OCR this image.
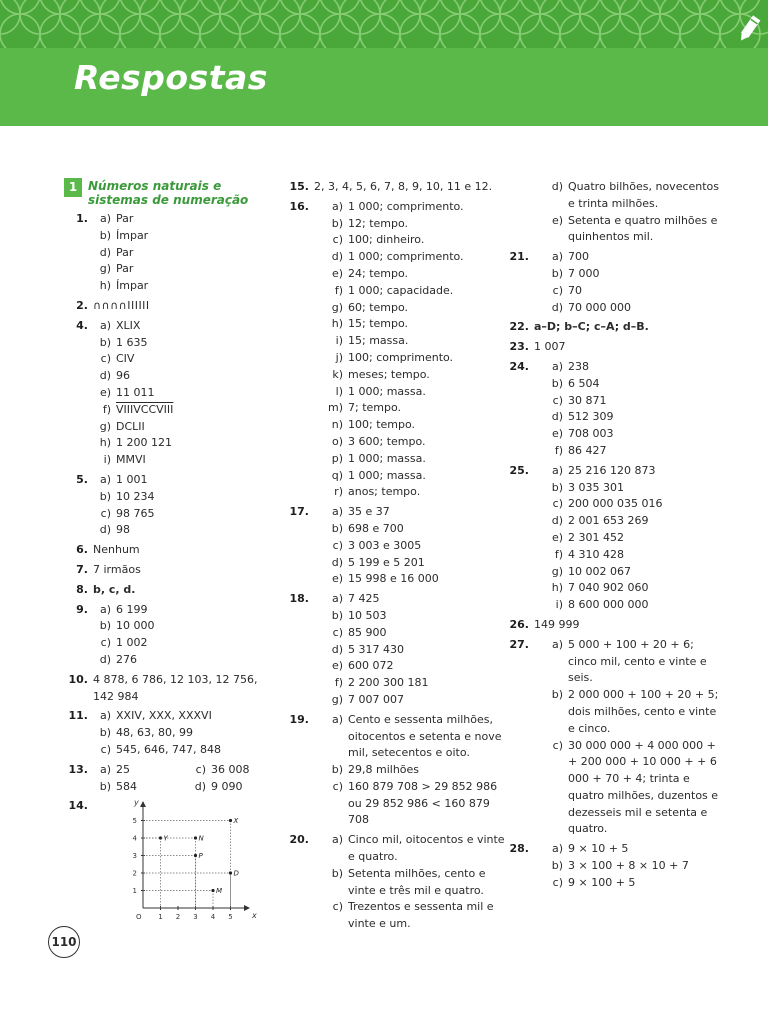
Respostas
1 Números naturais e sistemas de numeração
1.	a) Par
b) Ímpar
d) Par
g) Par
h) Ímpar
2. ∩∩∩∩IIIIII
4.	a) XLIX
b) 1 635
c) CIV
d) 96
e) 11 011
f) VIIIVCCVIII
g) DCLII
h) 1 200 121
i) MMVI
5.	a) 1 001
b) 10 234
c) 98 765
d) 98
6. Nenhum
7. 7 irmãos
8. b, c, d.
9.	a) 6 199
b) 10 000
c) 1 002
d) 276
10. 4 878, 6 786, 12 103, 12 756, 142 984
11.	a) XXIV, XXX, XXXVI
b) 48, 63, 80, 99
c) 545, 646, 747, 848
13.	a) 25
b) 584
c) 36 008
d) 9 090
14.
1 2 3 4 5
1
2
3
4
5
O	x
y
X
Y	N
P
D
M
15. 2, 3, 4, 5, 6, 7, 8, 9, 10, 11 e 12.
16.	a) 1 000; comprimento.
b) 12; tempo.
c) 100; dinheiro.
d) 1 000; comprimento.
e) 24; tempo.
f) 1 000; capacidade.
g) 60; tempo.
h) 15; tempo.
i) 15; massa.
j) 100; comprimento.
k) meses; tempo.
l) 1 000; massa.
m) 7; tempo.
n) 100; tempo.
o) 3 600; tempo.
p) 1 000; massa.
q) 1 000; massa.
r) anos; tempo.
17.	a) 35 e 37
b) 698 e 700
c) 3 003 e 3005
d) 5 199 e 5 201
e) 15 998 e 16 000
18.	a) 7 425
b) 10 503
c) 85 900
d) 5 317 430
e) 600 072
f) 2 200 300 181
g) 7 007 007
19.	a) Cento e sessenta milhões, oitocentos e setenta e nove mil, setecentos e oito.
b) 29,8 milhões
c) 160 879 708 > 29 852 986 ou 29 852 986 < 160 879 708
20.	a) Cinco mil, oitocentos e vinte e quatro.
b) Setenta milhões, cento e vinte e três mil e quatro.
c) Trezentos e sessenta mil e vinte e um.
d) Quatro bilhões, novecentos e trinta milhões.
e) Setenta e quatro milhões e quinhentos mil.
21.	a) 700
b) 7 000
c) 70
d) 70 000 000
22. a–D; b–C; c–A; d–B.
23. 1 007
24.	a) 238
b) 6 504
c) 30 871
d) 512 309
e) 708 003
f) 86 427
25.	a) 25 216 120 873
b) 3 035 301
c) 200 000 035 016
d) 2 001 653 269
e) 2 301 452
f) 4 310 428
g) 10 002 067
h) 7 040 902 060
i) 8 600 000 000
26. 149 999
27.	a) 5 000 + 100 + 20 + 6; cinco mil, cento e vinte e seis.
b) 2 000 000 + 100 + 20 + 5; dois milhões, cento e vinte e cinco.
c) 30 000 000 + 4 000 000 + + 200 000 + 10 000 + + 6 000 + 70 + 4; trinta e quatro milhões, duzentos e dezesseis mil e setenta e quatro.
28.	a) 9 × 10 + 5
b) 3 × 100 + 8 × 10 + 7
c) 9 × 100 + 5
110
